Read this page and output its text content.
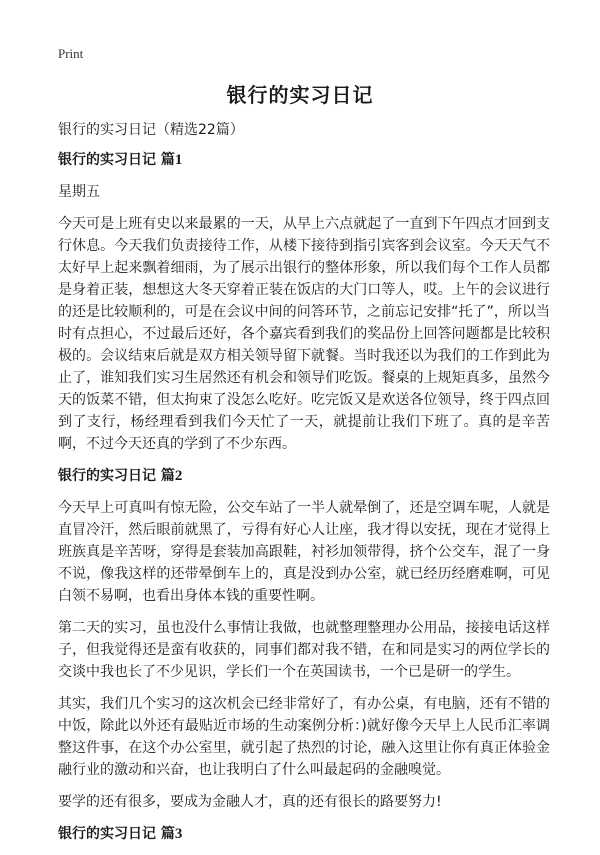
Print
银行的实习日记
银行的实习日记（精选22篇）
银行的实习日记 篇1
星期五
今天可是上班有史以来最累的一天，从早上六点就起了一直到下午四点才回到支行休息。今天我们负责接待工作，从楼下接待到指引宾客到会议室。今天天气不太好早上起来飘着细雨，为了展示出银行的整体形象，所以我们每个工作人员都是身着正装，想想这大冬天穿着正装在饭店的大门口等人，哎。上午的会议进行的还是比较顺利的，可是在会议中间的问答环节，之前忘记安排“托了”，所以当时有点担心，不过最后还好，各个嘉宾看到我们的奖品份上回答问题都是比较积极的。会议结束后就是双方相关领导留下就餐。当时我还以为我们的工作到此为止了，谁知我们实习生居然还有机会和领导们吃饭。餐桌的上规矩真多，虽然今天的饭菜不错，但太拘束了没怎么吃好。吃完饭又是欢送各位领导，终于四点回到了支行，杨经理看到我们今天忙了一天，就提前让我们下班了。真的是辛苦啊，不过今天还真的学到了不少东西。
银行的实习日记 篇2
今天早上可真叫有惊无险，公交车站了一半人就晕倒了，还是空调车呢，人就是直冒冷汗，然后眼前就黑了，亏得有好心人让座，我才得以安抚，现在才觉得上班族真是辛苦呀，穿得是套装加高跟鞋，衬衫加领带得，挤个公交车，混了一身不说，像我这样的还带晕倒车上的，真是没到办公室，就已经历经磨难啊，可见白领不易啊，也看出身体本钱的重要性啊。
第二天的实习，虽也没什么事情让我做，也就整理整理办公用品，接接电话这样子，但我觉得还是蛮有收获的，同事们都对我不错，在和同是实习的两位学长的交谈中我也长了不少见识，学长们一个在英国读书，一个已是研一的学生。
其实，我们几个实习的这次机会已经非常好了，有办公桌，有电脑，还有不错的中饭，除此以外还有最贴近市场的生动案例分析：)就好像今天早上人民币汇率调整这件事，在这个办公室里，就引起了热烈的讨论，融入这里让你有真正体验金融行业的激动和兴奋，也让我明白了什么叫最起码的金融嗅觉。
要学的还有很多，要成为金融人才，真的还有很长的路要努力!
银行的实习日记 篇3
